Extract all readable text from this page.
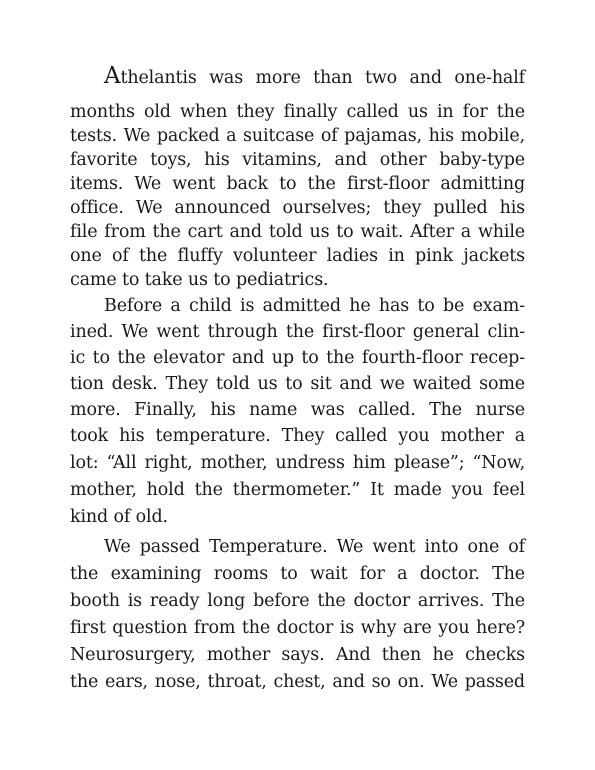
Athelantis was more than two and one-half
months old when they finally called us in for the
tests. We packed a suitcase of pajamas, his mobile,
favorite toys, his vitamins, and other baby-type
items. We went back to the first-floor admitting
office. We announced ourselves; they pulled his
file from the cart and told us to wait. After a while
one of the fluffy volunteer ladies in pink jackets
came to take us to pediatrics.
Before a child is admitted he has to be exam-
ined. We went through the first-floor general clin-
ic to the elevator and up to the fourth-floor recep-
tion desk. They told us to sit and we waited some
more. Finally, his name was called. The nurse
took his temperature. They called you mother a
lot: “All right, mother, undress him please”; “Now,
mother, hold the thermometer.” It made you feel
kind of old.
We passed Temperature. We went into one of
the examining rooms to wait for a doctor. The
booth is ready long before the doctor arrives. The
first question from the doctor is why are you here?
Neurosurgery, mother says. And then he checks
the ears, nose, throat, chest, and so on. We passed
